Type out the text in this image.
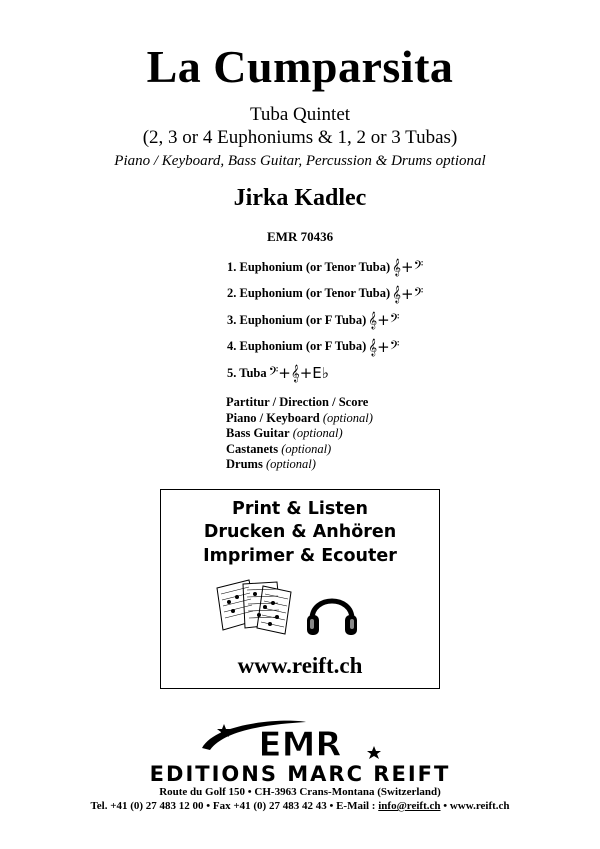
La Cumparsita
Tuba Quintet
(2, 3 or 4 Euphoniums & 1, 2 or 3 Tubas)
Piano / Keyboard, Bass Guitar, Percussion & Drums optional
Jirka Kadlec
EMR 70436
1. Euphonium (or Tenor Tuba) 𝄞+𝄢
2. Euphonium (or Tenor Tuba) 𝄞+𝄢
3. Euphonium (or F Tuba) 𝄞+𝄢
4. Euphonium (or F Tuba) 𝄞+𝄢
5. Tuba 𝄢+𝄞+E♭
Partitur / Direction / Score
Piano / Keyboard (optional)
Bass Guitar (optional)
Castanets (optional)
Drums (optional)
Print & Listen
Drucken & Anhören
Imprimer & Ecouter
www.reift.ch
EMR
EDITIONS MARC REIFT
Route du Golf 150 • CH-3963 Crans-Montana (Switzerland)
Tel. +41 (0) 27 483 12 00 • Fax +41 (0) 27 483 42 43 • E-Mail : info@reift.ch • www.reift.ch
